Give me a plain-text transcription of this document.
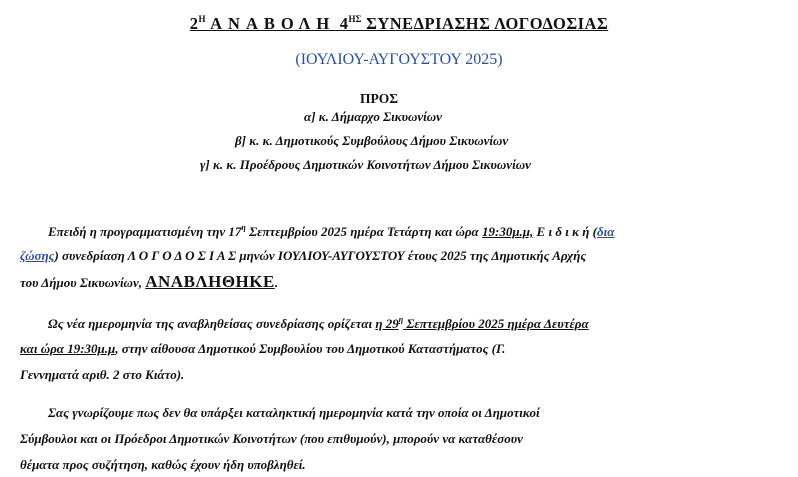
$2^H$ ΑΝΑΒΟΛΗ $4^{H\Sigma}$ ΣΥΝΕΔΡΙΑΣΗΣ ΛΟΓΟΔΟΣΙΑΣ
(ΙΟΥΛΙΟΥ-ΑΥΓΟΥΣΤΟΥ 2025)
ΠΡΟΣ
α] κ. Δήμαρχο Σικυωνίων
β] κ. κ. Δημοτικούς Συμβούλους Δήμου Σικυωνίων
γ] κ. κ. Προέδρους Δημοτικών Κοινοτήτων Δήμου Σικυωνίων
Επειδή η προγραμματισμένη την $17^\eta$ Σεπτεμβρίου 2025 ημέρα Τετάρτη και ώρα 19:30μ.μ, Ε ι δ ι κ ή (δια
ζώσης) συνεδρίαση Λ Ο Γ Ο Δ Ο Σ Ι Α Σ μηνών ΙΟΥΛΙΟΥ-ΑΥΓΟΥΣΤΟΥ έτους 2025 της Δημοτικής Αρχής
του Δήμου Σικυωνίων, ΑΝΑΒΛΗΘΗΚΕ.
Ως νέα ημερομηνία της αναβληθείσας συνεδρίασης ορίζεται η $29^\eta$ Σεπτεμβρίου 2025 ημέρα Δευτέρα
και ώρα 19:30μ.μ, στην αίθουσα Δημοτικού Συμβουλίου του Δημοτικού Καταστήματος (Γ.
Γεννηματά αριθ. 2 στο Κιάτο).
Σας γνωρίζουμε πως δεν θα υπάρξει καταληκτική ημερομηνία κατά την οποία οι Δημοτικοί
Σύμβουλοι και οι Πρόεδροι Δημοτικών Κοινοτήτων (που επιθυμούν), μπορούν να καταθέσουν
θέματα προς συζήτηση, καθώς έχουν ήδη υποβληθεί.
